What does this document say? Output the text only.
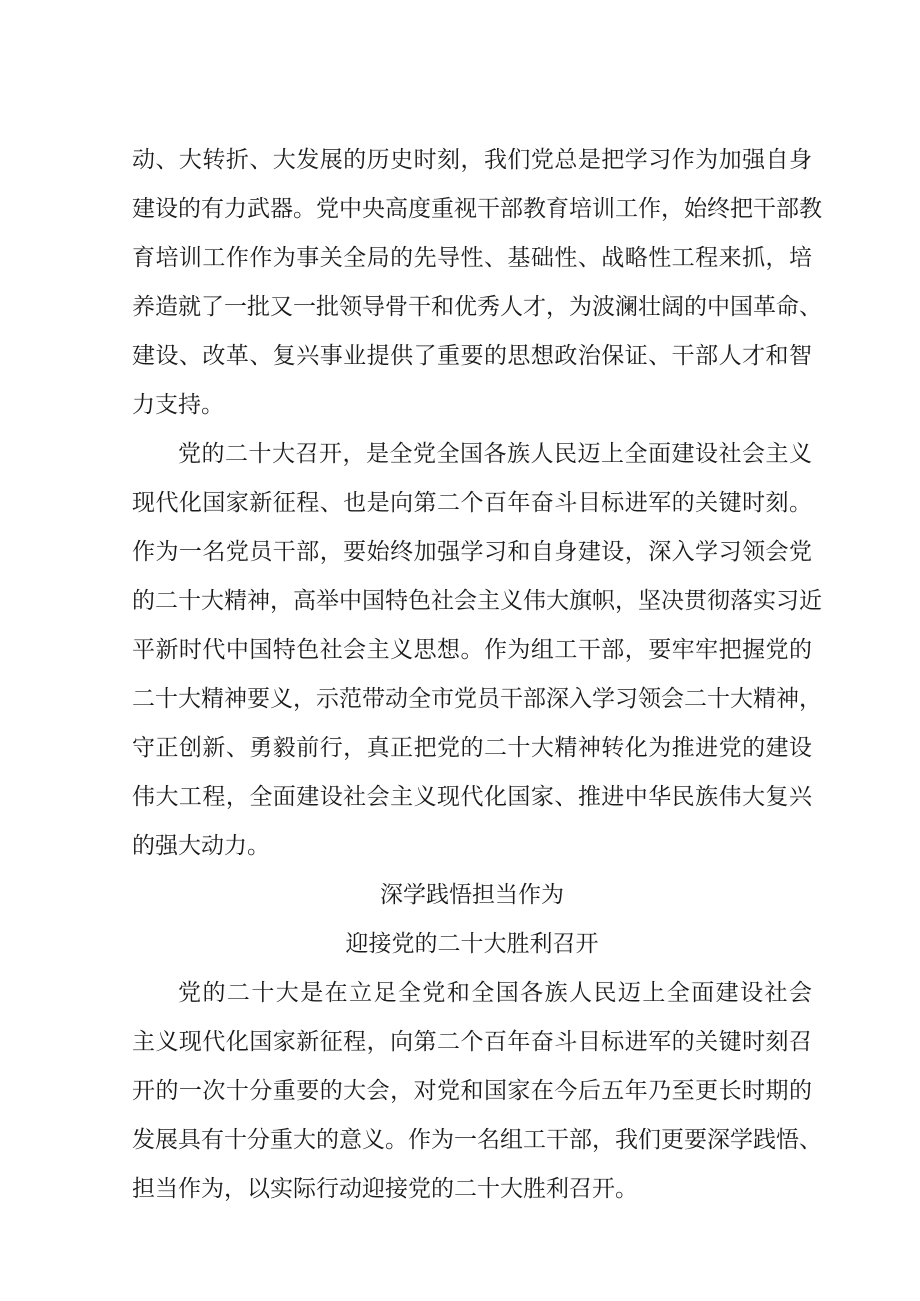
动、大转折、大发展的历史时刻，我们党总是把学习作为加强自身
建设的有力武器。党中央高度重视干部教育培训工作，始终把干部教
育培训工作作为事关全局的先导性、基础性、战略性工程来抓，培
养造就了一批又一批领导骨干和优秀人才，为波澜壮阔的中国革命、
建设、改革、复兴事业提供了重要的思想政治保证、干部人才和智
力支持。
党的二十大召开，是全党全国各族人民迈上全面建设社会主义
现代化国家新征程、也是向第二个百年奋斗目标进军的关键时刻。
作为一名党员干部，要始终加强学习和自身建设，深入学习领会党
的二十大精神，高举中国特色社会主义伟大旗帜，坚决贯彻落实习近
平新时代中国特色社会主义思想。作为组工干部，要牢牢把握党的
二十大精神要义，示范带动全市党员干部深入学习领会二十大精神，
守正创新、勇毅前行，真正把党的二十大精神转化为推进党的建设
伟大工程，全面建设社会主义现代化国家、推进中华民族伟大复兴
的强大动力。
深学践悟担当作为
迎接党的二十大胜利召开
党的二十大是在立足全党和全国各族人民迈上全面建设社会
主义现代化国家新征程，向第二个百年奋斗目标进军的关键时刻召
开的一次十分重要的大会，对党和国家在今后五年乃至更长时期的
发展具有十分重大的意义。作为一名组工干部，我们更要深学践悟、
担当作为，以实际行动迎接党的二十大胜利召开。
